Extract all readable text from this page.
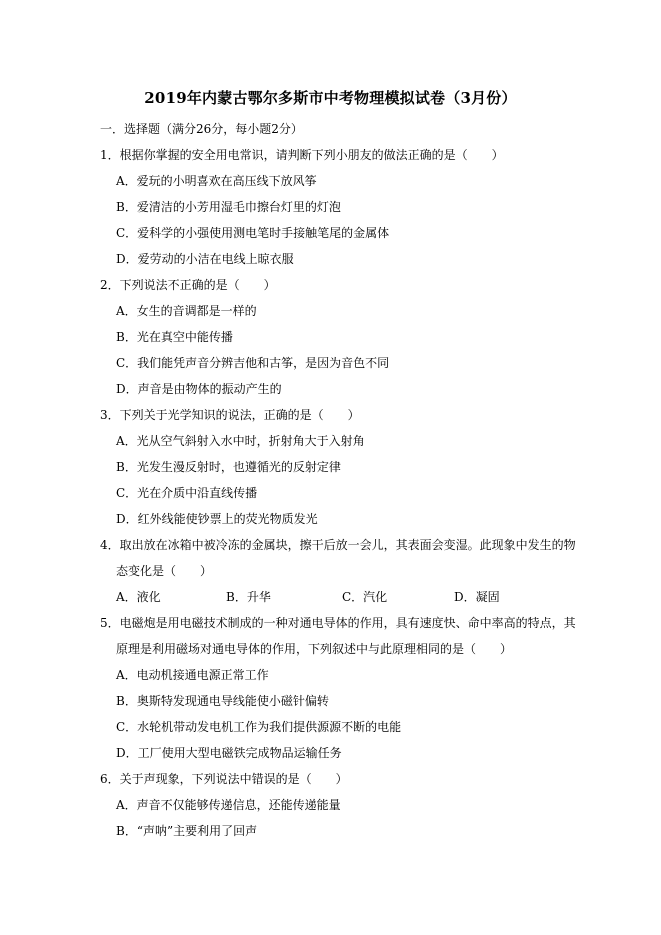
2019年内蒙古鄂尔多斯市中考物理模拟试卷（3月份）
一．选择题（满分26分，每小题2分）
1．根据你掌握的安全用电常识，请判断下列小朋友的做法正确的是（　　）
A．爱玩的小明喜欢在高压线下放风筝
B．爱清洁的小芳用湿毛巾擦台灯里的灯泡
C．爱科学的小强使用测电笔时手接触笔尾的金属体
D．爱劳动的小洁在电线上晾衣服
2．下列说法不正确的是（　　）
A．女生的音调都是一样的
B．光在真空中能传播
C．我们能凭声音分辨吉他和古筝，是因为音色不同
D．声音是由物体的振动产生的
3．下列关于光学知识的说法，正确的是（　　）
A．光从空气斜射入水中时，折射角大于入射角
B．光发生漫反射时，也遵循光的反射定律
C．光在介质中沿直线传播
D．红外线能使钞票上的荧光物质发光
4．取出放在冰箱中被冷冻的金属块，擦干后放一会儿，其表面会变湿。此现象中发生的物
态变化是（　　）
A．液化	B．升华	C．汽化	D．凝固
5．电磁炮是用电磁技术制成的一种对通电导体的作用，具有速度快、命中率高的特点，其
原理是利用磁场对通电导体的作用，下列叙述中与此原理相同的是（　　）
A．电动机接通电源正常工作
B．奥斯特发现通电导线能使小磁针偏转
C．水轮机带动发电机工作为我们提供源源不断的电能
D．工厂使用大型电磁铁完成物品运输任务
6．关于声现象，下列说法中错误的是（　　）
A．声音不仅能够传递信息，还能传递能量
B．“声呐”主要利用了回声
